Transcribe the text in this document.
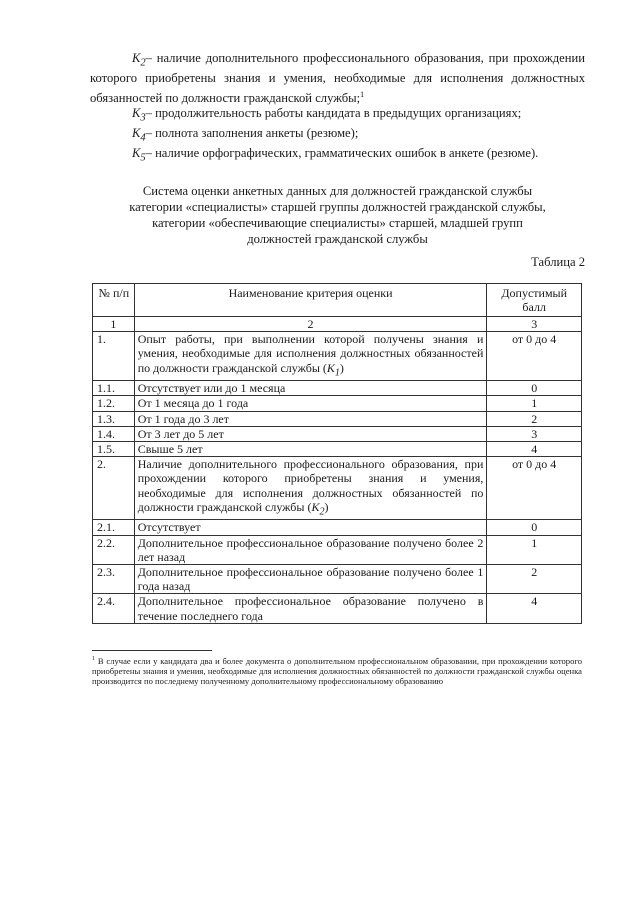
$К_2-$ наличие дополнительного профессионального образования, при прохождении которого приобретены знания и умения, необходимые для исполнения должностных обязанностей по должности гражданской службы;$^1$

$К_3-$ продолжительность работы кандидата в предыдущих организациях;

$К_4-$ полнота заполнения анкеты (резюме);

$К_5-$ наличие орфографических, грамматических ошибок в анкете (резюме).

Система оценки анкетных данных для должностей гражданской службы
категории «специалисты» старшей группы должностей гражданской службы,
категории «обеспечивающие специалисты» старшей, младшей групп
должностей гражданской службы
Таблица 2
№ п/п	Наименование критерия оценки	Допустимый балл
1	2	3
1.	Опыт работы, при выполнении которой получены знания и умения, необходимые для исполнения должностных обязанностей по должности гражданской службы $(К_1)$	от 0 до 4
1.1.	Отсутствует или до 1 месяца	0
1.2.	От 1 месяца до 1 года	1
1.3.	От 1 года до 3 лет	2
1.4.	От 3 лет до 5 лет	3
1.5.	Свыше 5 лет	4
2.	Наличие дополнительного профессионального образования, при прохождении которого приобретены знания и умения, необходимые для исполнения должностных обязанностей по должности гражданской службы $(К_2)$	от 0 до 4
2.1.	Отсутствует	0
2.2.	Дополнительное профессиональное образование получено более 2 лет назад	1
2.3.	Дополнительное профессиональное образование получено более 1 года назад	2
2.4.	Дополнительное профессиональное образование получено в течение последнего года	4
$^1$ В случае если у кандидата два и более документа о дополнительном профессиональном образовании, при прохождении которого приобретены знания и умения, необходимые для исполнения должностных обязанностей по должности гражданской службы оценка производится по последнему полученному дополнительному профессиональному образованию
